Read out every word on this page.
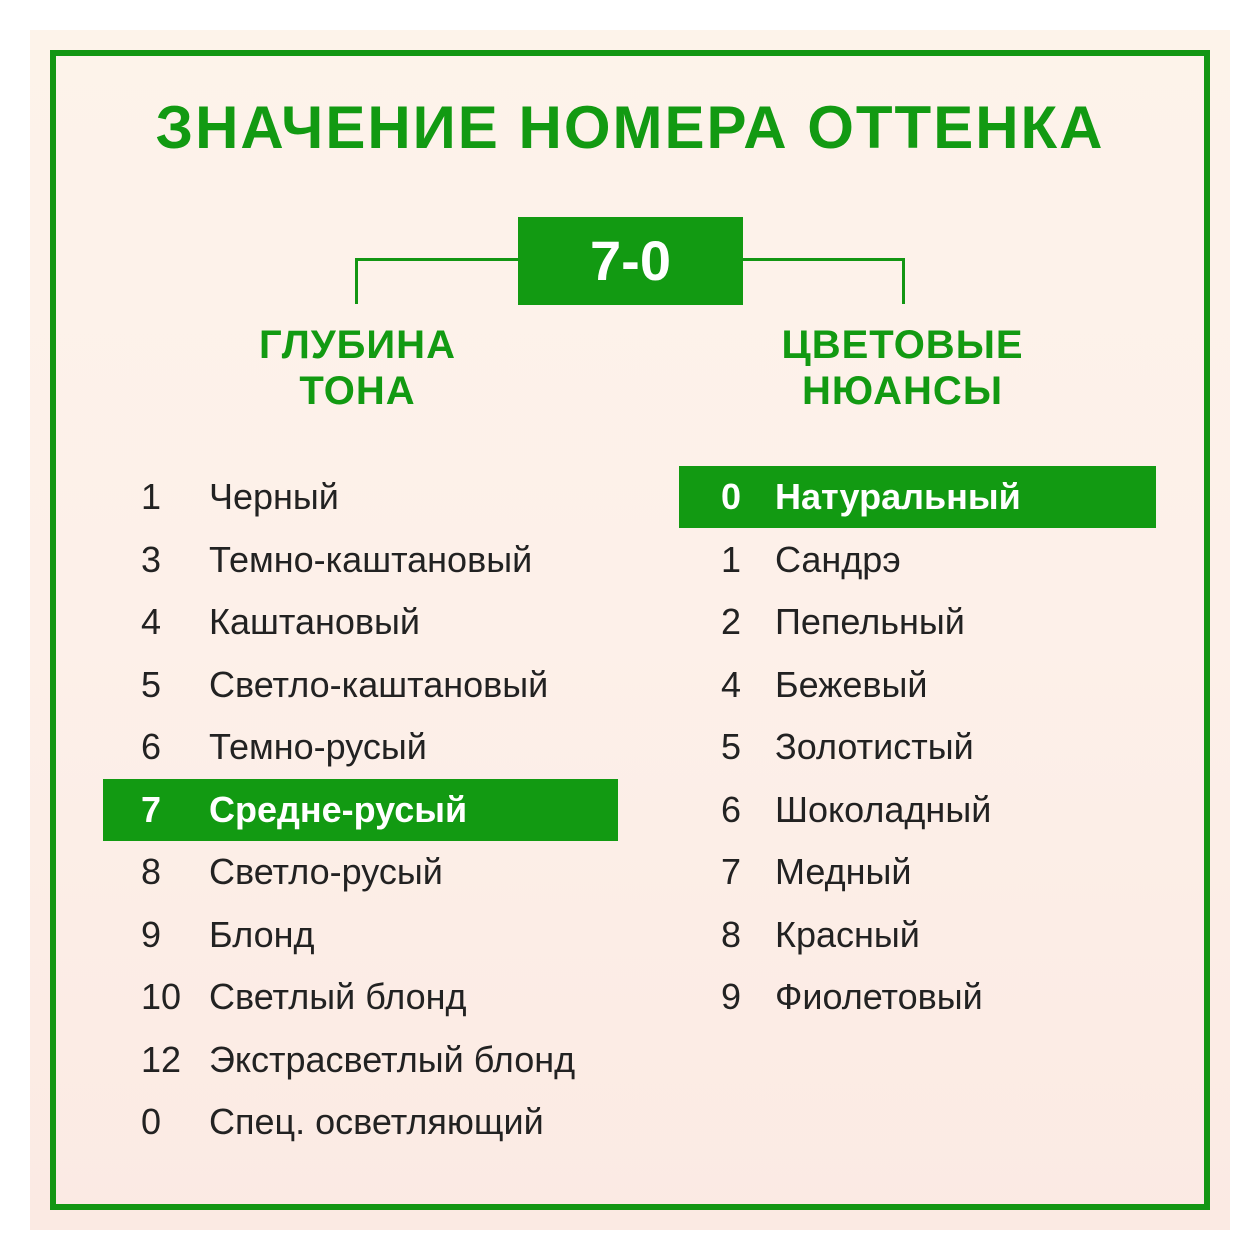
ЗНАЧЕНИЕ НОМЕРА ОТТЕНКА
7-0
ГЛУБИНА
ТОНА
ЦВЕТОВЫЕ
НЮАНСЫ
1 Черный
3 Темно-каштановый
4 Каштановый
5 Светло-каштановый
6 Темно-русый
7 Средне-русый
8 Светло-русый
9 Блонд
10 Светлый блонд
12 Экстрасветлый блонд
0 Спец. осветляющий
0 Натуральный
1 Сандрэ
2 Пепельный
4 Бежевый
5 Золотистый
6 Шоколадный
7 Медный
8 Красный
9 Фиолетовый
